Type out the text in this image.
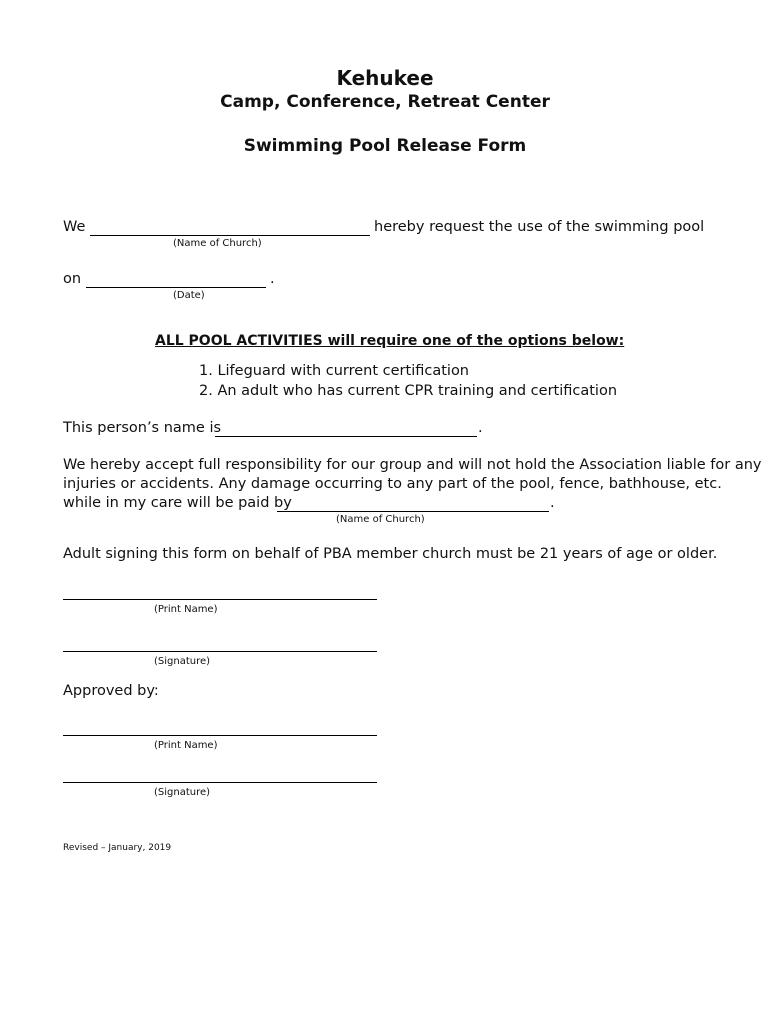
Kehukee
Camp, Conference, Retreat Center
Swimming Pool Release Form
We	hereby request the use of the swimming pool
(Name of Church)
on	.
(Date)
ALL POOL ACTIVITIES will require one of the options below:
1. Lifeguard with current certification
2. An adult who has current CPR training and certification
This person’s name is	.
We hereby accept full responsibility for our group and will not hold the Association liable for any
injuries or accidents. Any damage occurring to any part of the pool, fence, bathhouse, etc.
while in my care will be paid by	.
(Name of Church)
Adult signing this form on behalf of PBA member church must be 21 years of age or older.
(Print Name)
(Signature)
Approved by:
(Print Name)
(Signature)
Revised – January, 2019
